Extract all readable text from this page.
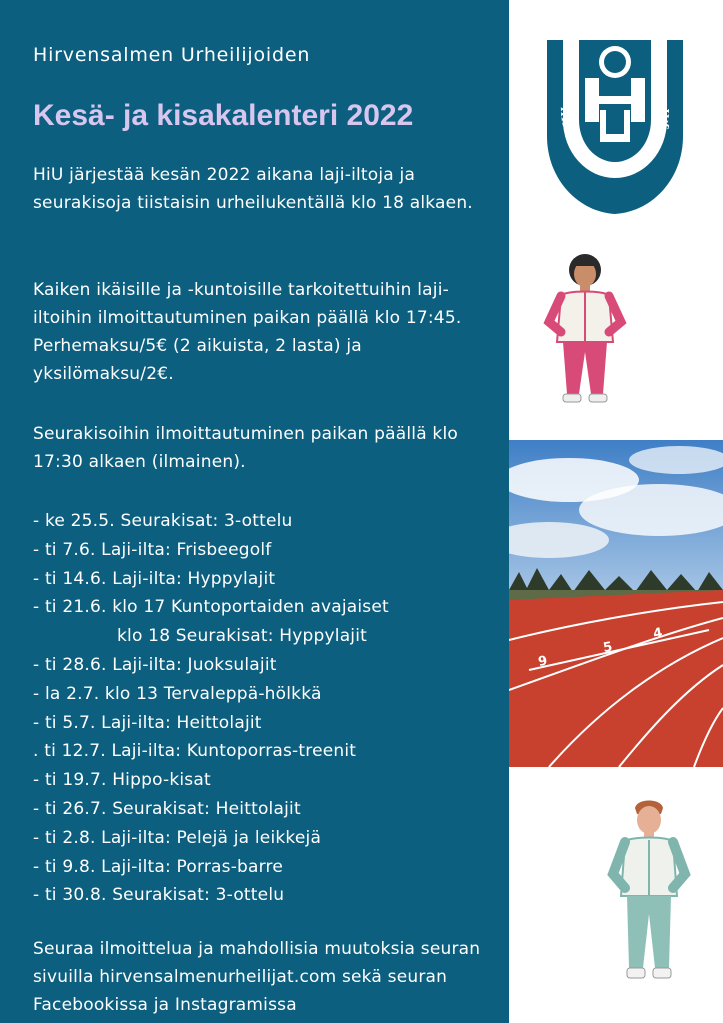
Hirvensalmen Urheilijoiden
Kesä- ja kisakalenteri 2022
HiU järjestää kesän 2022 aikana laji-iltoja ja seurakisoja tiistaisin urheilukentällä klo 18 alkaen.
Kaiken ikäisille ja -kuntoisille tarkoitettuihin laji-iltoihin ilmoittautuminen paikan päällä klo 17:45. Perhemaksu/5€ (2 aikuista, 2 lasta) ja yksilömaksu/2€.
Seurakisoihin ilmoittautuminen paikan päällä klo 17:30 alkaen (ilmainen).
- ke 25.5. Seurakisat: 3-ottelu
- ti 7.6. Laji-ilta: Frisbeegolf
- ti 14.6. Laji-ilta: Hyppylajit
- ti 21.6. klo 17 Kuntoportaiden avajaiset
klo 18 Seurakisat: Hyppylajit
- ti 28.6. Laji-ilta: Juoksulajit
- la 2.7. klo 13 Tervaleppä-hölkkä
- ti 5.7. Laji-ilta: Heittolajit
. ti 12.7. Laji-ilta: Kuntoporras-treenit
- ti 19.7. Hippo-kisat
- ti 26.7. Seurakisat: Heittolajit
- ti 2.8. Laji-ilta: Pelejä ja leikkejä
- ti 9.8. Laji-ilta: Porras-barre
- ti 30.8. Seurakisat: 3-ottelu
Seuraa ilmoittelua ja mahdollisia muutoksia seuran sivuilla hirvensalmenurheilijat.com sekä seuran Facebookissa ja Instagramissa
HIRVENSALMEN URHEILIJAT
9
5
4
